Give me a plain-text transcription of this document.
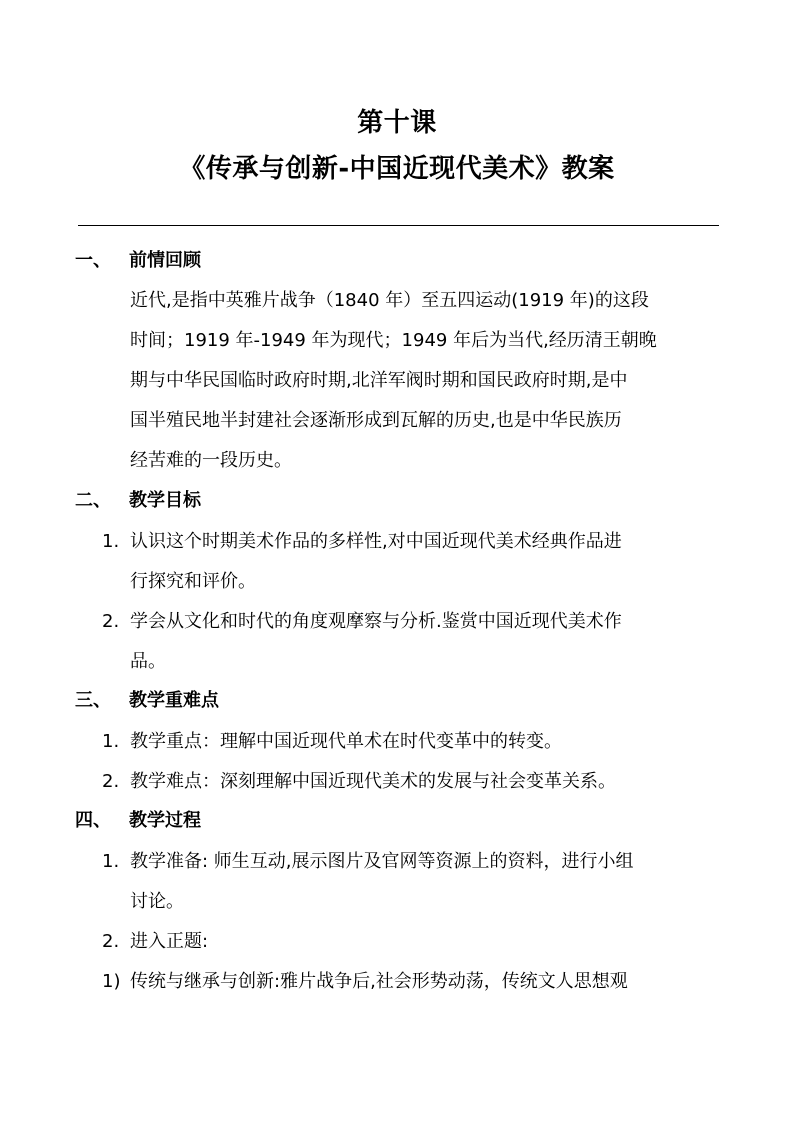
第十课
《传承与创新-中国近现代美术》教案
一、 前情回顾
近代,是指中英雅片战争（1840 年）至五四运动(1919 年)的这段
时间；1919 年-1949 年为现代；1949 年后为当代,经历清王朝晚
期与中华民国临时政府时期,北洋军阀时期和国民政府时期,是中
国半殖民地半封建社会逐渐形成到瓦解的历史,也是中华民族历
经苦难的一段历史。
二、 教学目标
1. 认识这个时期美术作品的多样性,对中国近现代美术经典作品进
行探究和评价。
2. 学会从文化和时代的角度观摩察与分析.鉴赏中国近现代美术作
品。
三、 教学重难点
1. 教学重点：理解中国近现代单术在时代变革中的转变。
2. 教学难点：深刻理解中国近现代美术的发展与社会变革关系。
四、 教学过程
1. 教学准备: 师生互动,展示图片及官网等资源上的资料，进行小组
讨论。
2. 进入正题:
1) 传统与继承与创新:雅片战争后,社会形势动荡，传统文人思想观
